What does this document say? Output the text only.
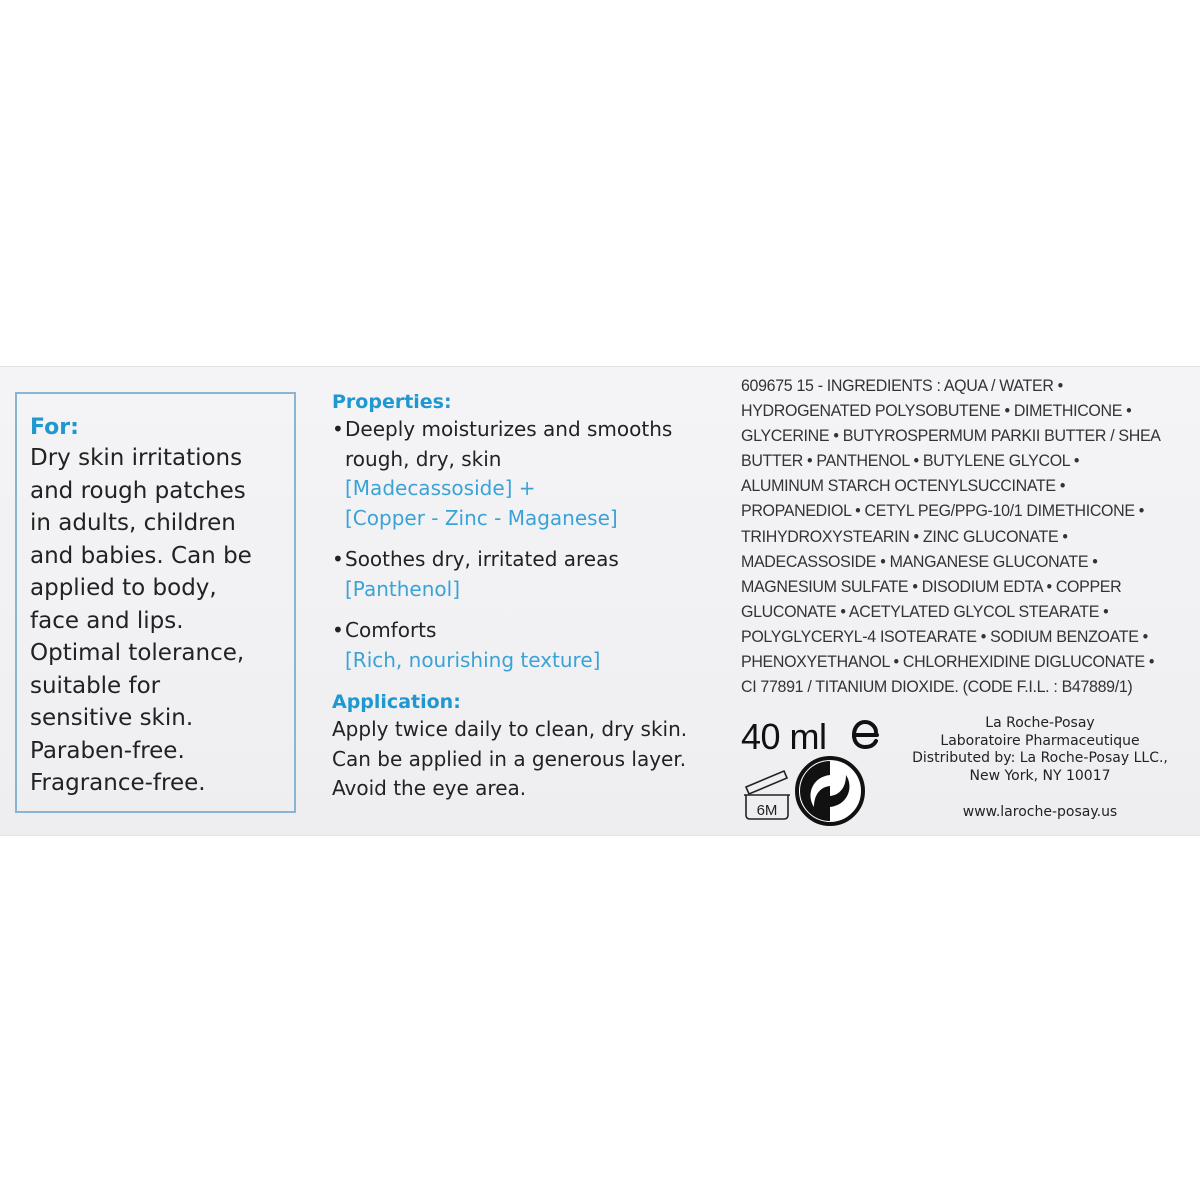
For:
Dry skin irritations
and rough patches
in adults, children
and babies. Can be
applied to body,
face and lips.
Optimal tolerance,
suitable for
sensitive skin.
Paraben-free.
Fragrance-free.
Properties:
• Deeply moisturizes and smooths
rough, dry, skin
[Madecassoside] +
[Copper - Zinc - Maganese]
• Soothes dry, irritated areas
[Panthenol]
• Comforts
[Rich, nourishing texture]
Application:
Apply twice daily to clean, dry skin.
Can be applied in a generous layer.
Avoid the eye area.
609675 15 - INGREDIENTS : AQUA / WATER •
HYDROGENATED POLYSOBUTENE • DIMETHICONE •
GLYCERINE • BUTYROSPERMUM PARKII BUTTER / SHEA
BUTTER • PANTHENOL • BUTYLENE GLYCOL •
ALUMINUM STARCH OCTENYLSUCCINATE •
PROPANEDIOL • CETYL PEG/PPG-10/1 DIMETHICONE •
TRIHYDROXYSTEARIN • ZINC GLUCONATE •
MADECASSOSIDE • MANGANESE GLUCONATE •
MAGNESIUM SULFATE • DISODIUM EDTA • COPPER
GLUCONATE • ACETYLATED GLYCOL STEARATE •
POLYGLYCERYL-4 ISOTEARATE • SODIUM BENZOATE •
PHENOXYETHANOL • CHLORHEXIDINE DIGLUCONATE •
CI 77891 / TITANIUM DIOXIDE. (CODE F.I.L. : B47889/1)
40 ml
6M
La Roche-Posay
Laboratoire Pharmaceutique
Distributed by: La Roche-Posay LLC.,
New York, NY 10017
www.laroche-posay.us
